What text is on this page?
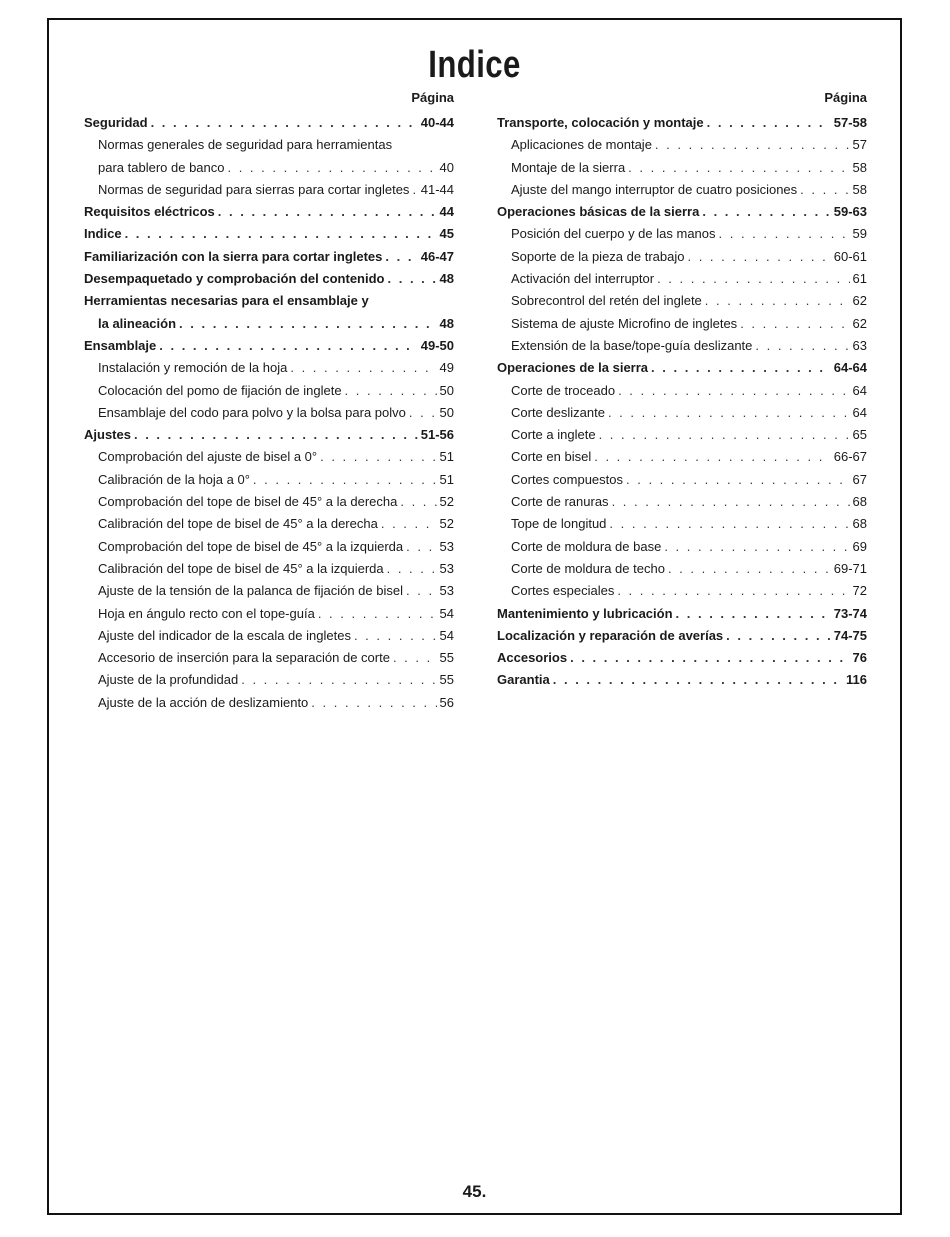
Indice
Página
Seguridad . . .	40-44
Normas generales de seguridad para herramientas
para tablero de banco . . .	40
Normas de seguridad para sierras para cortar ingletes . . . 41-44
Requisitos eléctricos . . .	44
Indice . . .	45
Familiarización con la sierra para cortar ingletes . . .	46-47
Desempaquetado y comprobación del contenido . . .	48
Herramientas necesarias para el ensamblaje y
la alineación . . .	48
Ensamblaje . . .	49-50
Instalación y remoción de la hoja . . .	49
Colocación del pomo de fijación de inglete . . .	50
Ensamblaje del codo para polvo y la bolsa para polvo . . .	50
Ajustes . . .	51-56
Comprobación del ajuste de bisel a 0° . . .	51
Calibración de la hoja a 0° . . .	51
Comprobación del tope de bisel de 45° a la derecha . . .	52
Calibración del tope de bisel de 45° a la derecha . . .	52
Comprobación del tope de bisel de 45° a la izquierda . . .	53
Calibración del tope de bisel de 45° a la izquierda . . .	53
Ajuste de la tensión de la palanca de fijación de bisel . . .	53
Hoja en ángulo recto con el tope-guía . . .	54
Ajuste del indicador de la escala de ingletes . . .	54
Accesorio de inserción para la separación de corte . . .	55
Ajuste de la profundidad . . .	55
Ajuste de la acción de deslizamiento . . .	56
Página
Transporte, colocación y montaje . . .	57-58
Aplicaciones de montaje . . .	57
Montaje de la sierra . . .	58
Ajuste del mango interruptor de cuatro posiciones . . .	58
Operaciones básicas de la sierra . . .	59-63
Posición del cuerpo y de las manos . . .	59
Soporte de la pieza de trabajo . . .	60-61
Activación del interruptor . . .	61
Sobrecontrol del retén del inglete . . .	62
Sistema de ajuste Microfino de ingletes . . .	62
Extensión de la base/tope-guía deslizante . . .	63
Operaciones de la sierra . . .	64-64
Corte de troceado . . .	64
Corte deslizante . . .	64
Corte a inglete . . .	65
Corte en bisel . . .	66-67
Cortes compuestos . . .	67
Corte de ranuras . . .	68
Tope de longitud . . .	68
Corte de moldura de base . . .	69
Corte de moldura de techo . . .	69-71
Cortes especiales . . .	72
Mantenimiento y lubricación . . .	73-74
Localización y reparación de averías . . .	74-75
Accesorios . . .	76
Garantia . . .	116
45.
